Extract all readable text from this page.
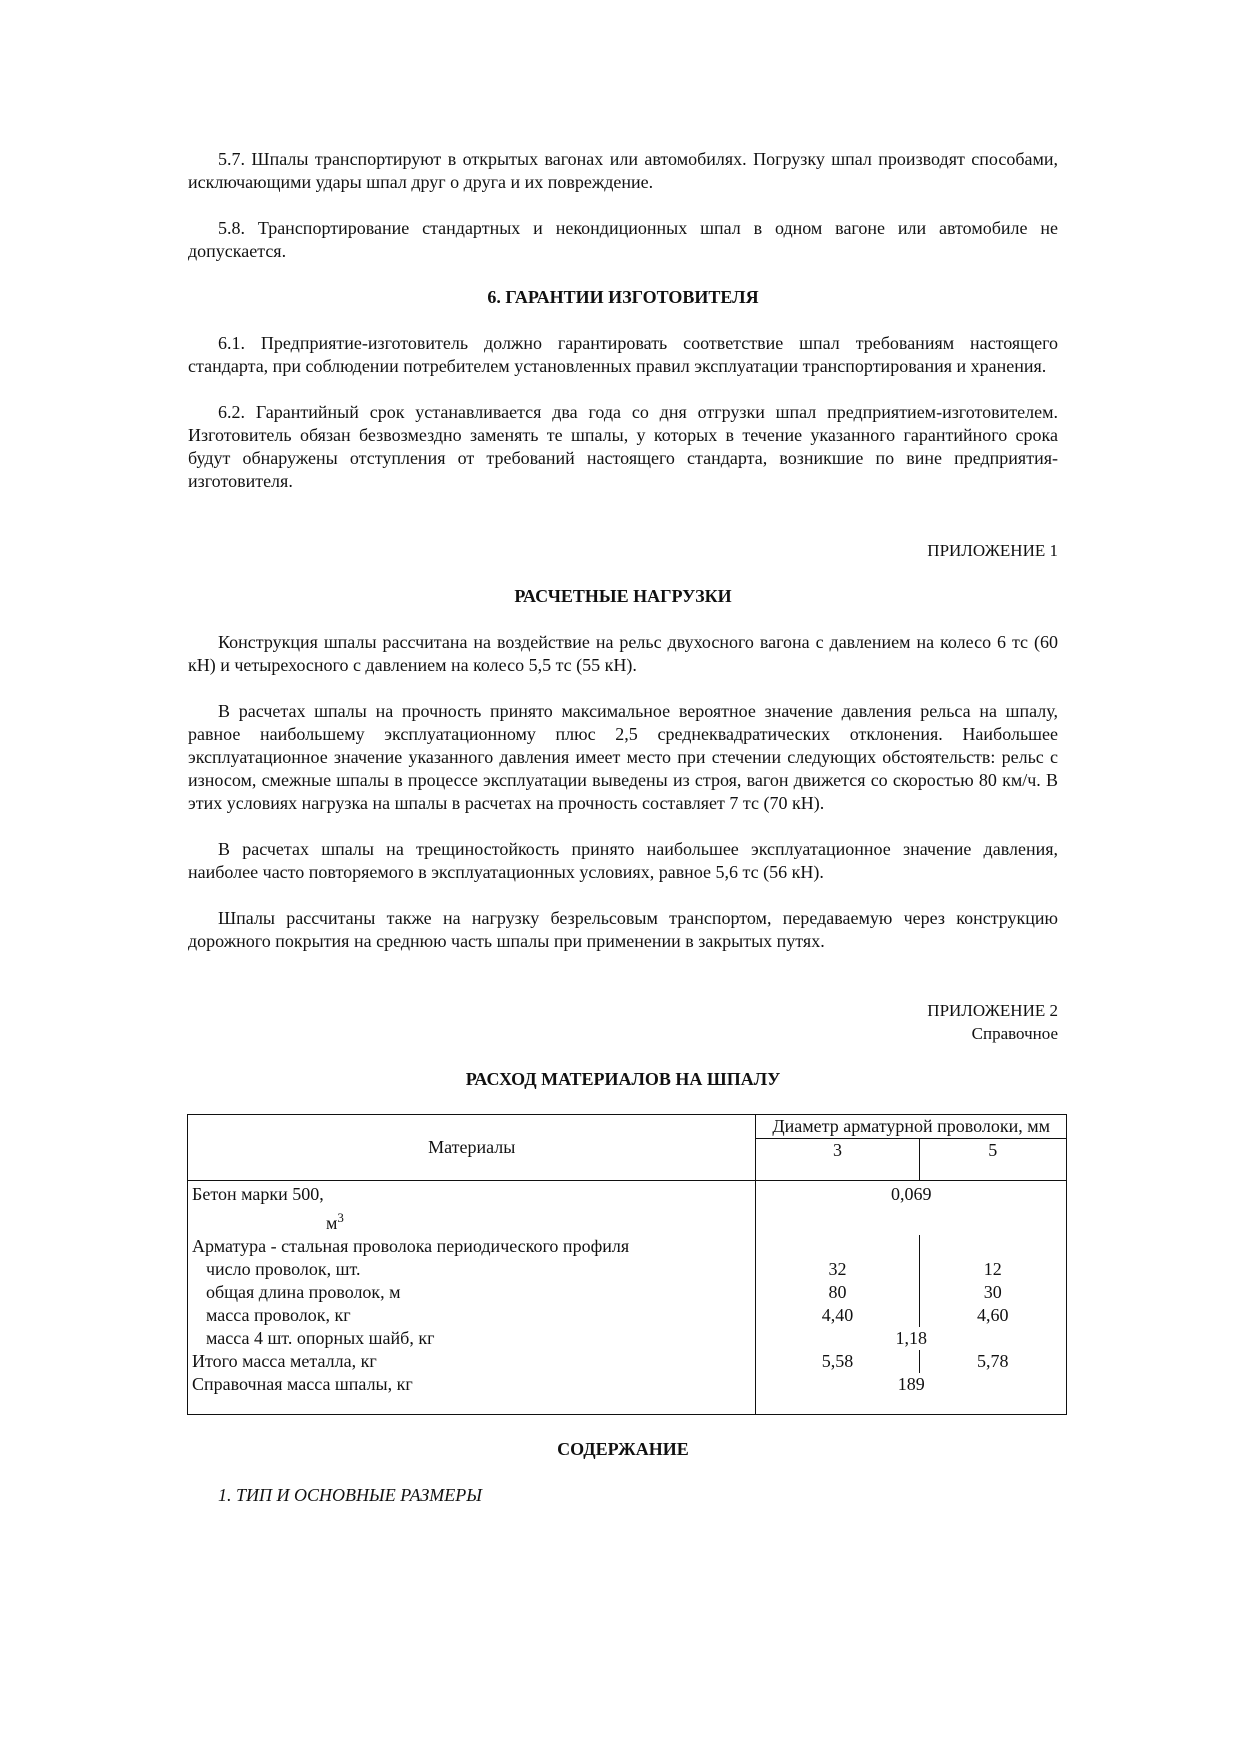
5.7. Шпалы транспортируют в открытых вагонах или автомобилях. Погрузку шпал производят способами, исключающими удары шпал друг о друга и их повреждение.

5.8. Транспортирование стандартных и некондиционных шпал в одном вагоне или автомобиле не допускается.

6. ГАРАНТИИ ИЗГОТОВИТЕЛЯ

6.1. Предприятие-изготовитель должно гарантировать соответствие шпал требованиям настоящего стандарта, при соблюдении потребителем установленных правил эксплуатации транспортирования и хранения.

6.2. Гарантийный срок устанавливается два года со дня отгрузки шпал предприятием-изготовителем. Изготовитель обязан безвозмездно заменять те шпалы, у которых в течение указанного гарантийного срока будут обнаружены отступления от требований настоящего стандарта, возникшие по вине предприятия-изготовителя.

ПРИЛОЖЕНИЕ 1

РАСЧЕТНЫЕ НАГРУЗКИ

Конструкция шпалы рассчитана на воздействие на рельс двухосного вагона с давлением на колесо 6 тс (60 кН) и четырехосного с давлением на колесо 5,5 тс (55 кН).

В расчетах шпалы на прочность принято максимальное вероятное значение давления рельса на шпалу, равное наибольшему эксплуатационному плюс 2,5 среднеквадратических отклонения. Наибольшее эксплуатационное значение указанного давления имеет место при стечении следующих обстоятельств: рельс с износом, смежные шпалы в процессе эксплуатации выведены из строя, вагон движется со скоростью 80 км/ч. В этих условиях нагрузка на шпалы в расчетах на прочность составляет 7 тс (70 кН).

В расчетах шпалы на трещиностойкость принято наибольшее эксплуатационное значение давления, наиболее часто повторяемого в эксплуатационных условиях, равное 5,6 тс (56 кН).

Шпалы рассчитаны также на нагрузку безрельсовым транспортом, передаваемую через конструкцию дорожного покрытия на среднюю часть шпалы при применении в закрытых путях.

ПРИЛОЖЕНИЕ 2

Справочное

РАСХОД МАТЕРИАЛОВ НА ШПАЛУ

Материалы	Диаметр арматурной проволоки, мм	
	3	5
Бетон марки 500,
$м^3$	0,069	
Арматура - стальная проволока периодического профиля		
число проволок, шт.	32	12
общая длина проволок, м	80	30
масса проволок, кг	4,40	4,60
масса 4 шт. опорных шайб, кг	1,18	
Итого масса металла, кг	5,58	5,78
Справочная масса шпалы, кг	189	

СОДЕРЖАНИЕ

1. ТИП И ОСНОВНЫЕ РАЗМЕРЫ
